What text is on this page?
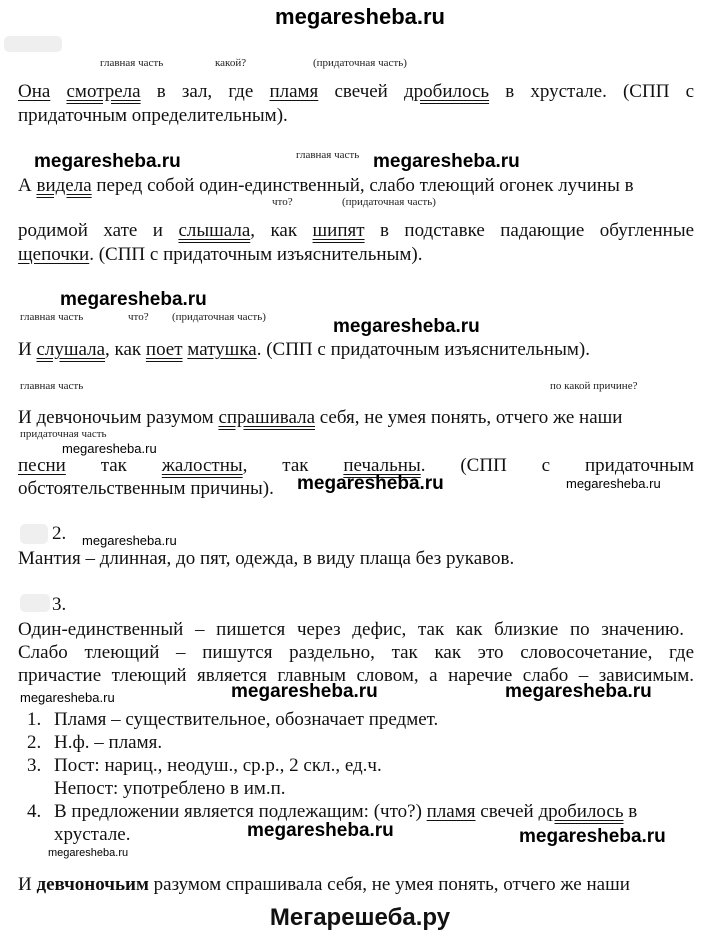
megaresheba.ru
главная часть	какой?	(придаточная часть)
Она смотрела в зал, где пламя свечей дробилось в хрустале. (СПП с
придаточным определительным).
megaresheba.ru	главная часть megaresheba.ru
А видела перед собой один-единственный, слабо тлеющий огонек лучины в
что?	(придаточная часть)
родимой хате и слышала, как шипят в подставке падающие обугленные
щепочки. (СПП с придаточным изъяснительным).
megaresheba.ru
главная часть	что? (придаточная часть)	megaresheba.ru
И слушала, как поет матушка. (СПП с придаточным изъяснительным).
главная часть	по какой причине?
И девчоночьим разумом спрашивала себя, не умея понять, отчего же наши
придаточная часть
megaresheba.ru
песни так жалостны, так печальны. (СПП с придаточным
обстоятельственным причины). megaresheba.ru	megaresheba.ru
2. megaresheba.ru
Мантия – длинная, до пят, одежда, в виду плаща без рукавов.
3.
Один-единственный – пишется через дефис, так как близкие по значению.
Слабо тлеющий – пишутся раздельно, так как это словосочетание, где
причастие тлеющий является главным словом, а наречие слабо – зависимым.
megaresheba.ru	megaresheba.ru	megaresheba.ru
1. Пламя – существительное, обозначает предмет.
2. Н.ф. – пламя.
3. Пост: нариц., неодуш., ср.р., 2 скл., ед.ч.
Непост: употреблено в им.п.
4. В предложении является подлежащим: (что?) пламя свечей дробилось в
хрустале.	megaresheba.ru	megaresheba.ru
megaresheba.ru
И девчоночьим разумом спрашивала себя, не умея понять, отчего же наши
Мегарешеба.ру
